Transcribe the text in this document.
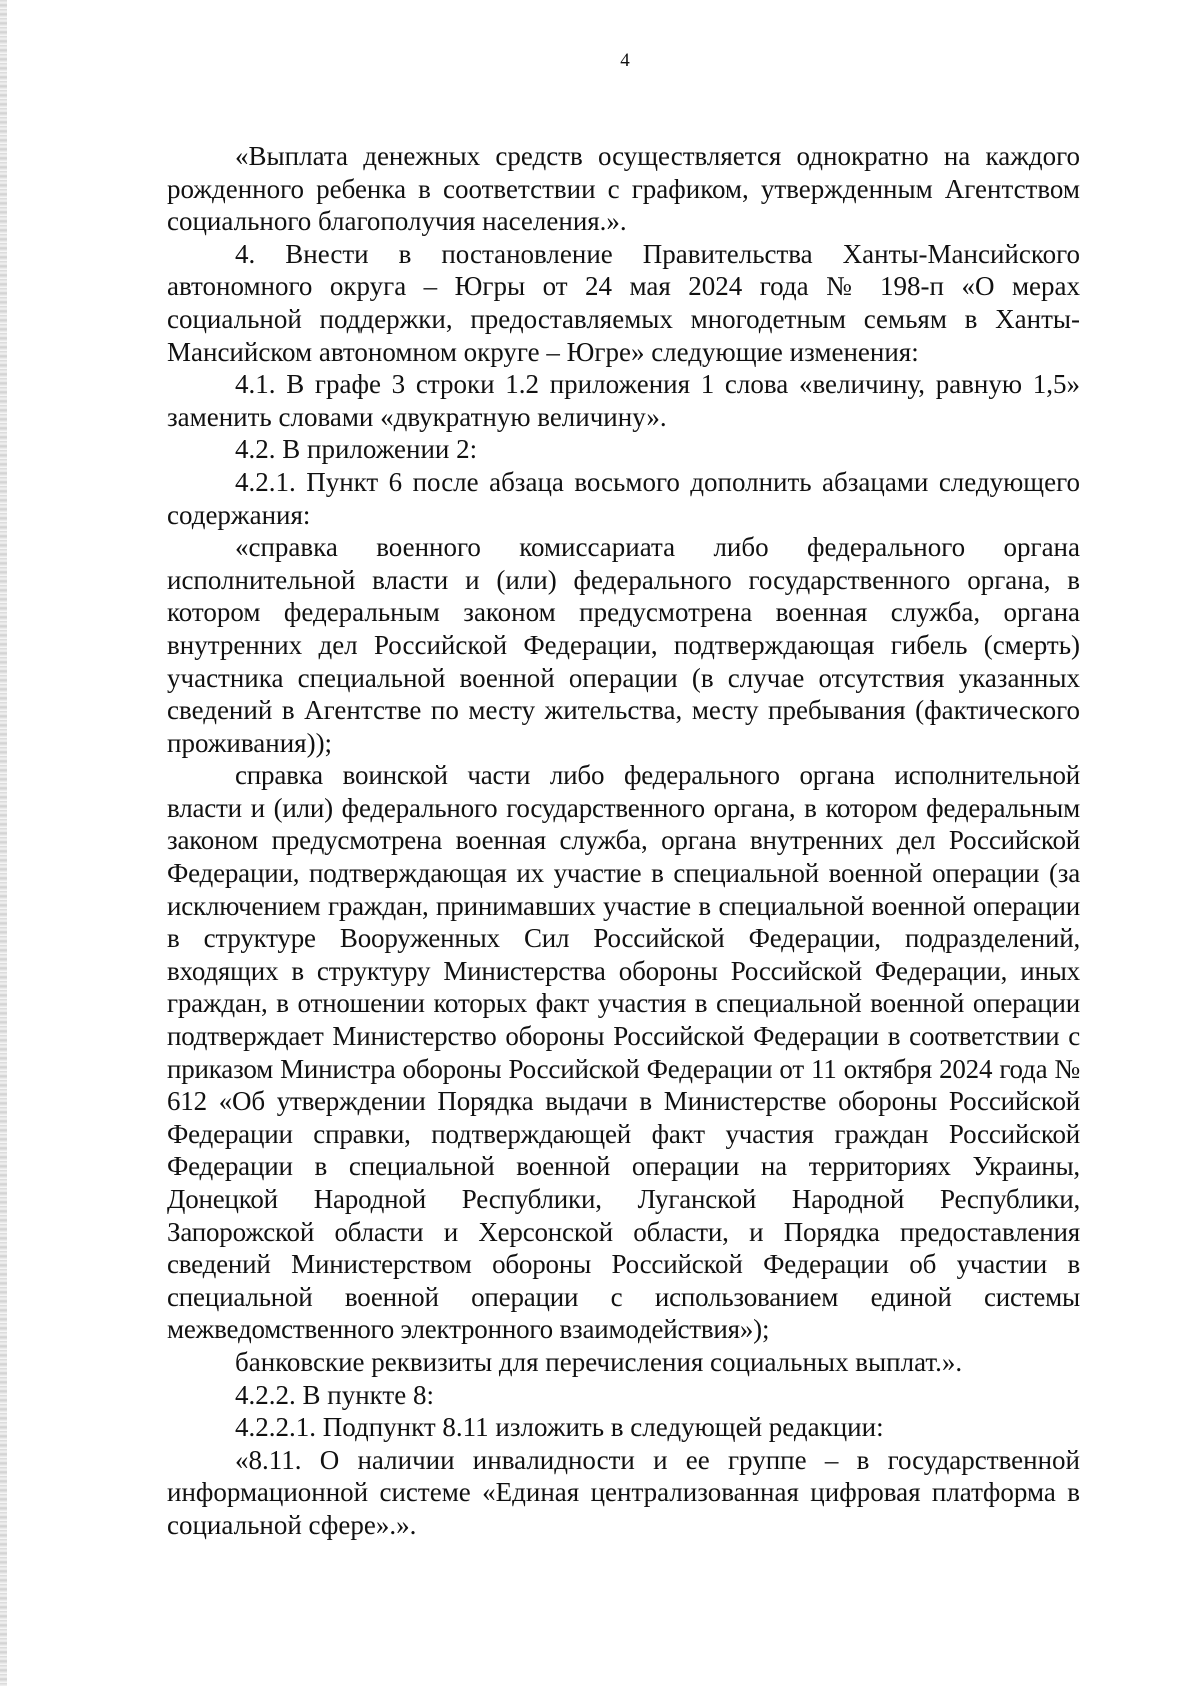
4

«Выплата денежных средств осуществляется однократно на каждого рожденного ребенка в соответствии с графиком, утвержденным Агентством социального благополучия населения.».

4. Внести в постановление Правительства Ханты-Мансийского автономного округа – Югры от 24 мая 2024 года № 198-п «О мерах социальной поддержки, предоставляемых многодетным семьям в Ханты-Мансийском автономном округе – Югре» следующие изменения:

4.1. В графе 3 строки 1.2 приложения 1 слова «величину, равную 1,5» заменить словами «двукратную величину».

4.2. В приложении 2:

4.2.1. Пункт 6 после абзаца восьмого дополнить абзацами следующего содержания:

«справка военного комиссариата либо федерального органа исполнительной власти и (или) федерального государственного органа, в котором федеральным законом предусмотрена военная служба, органа внутренних дел Российской Федерации, подтверждающая гибель (смерть) участника специальной военной операции (в случае отсутствия указанных сведений в Агентстве по месту жительства, месту пребывания (фактического проживания));

справка воинской части либо федерального органа исполнительной власти и (или) федерального государственного органа, в котором федеральным законом предусмотрена военная служба, органа внутренних дел Российской Федерации, подтверждающая их участие в специальной военной операции (за исключением граждан, принимавших участие в специальной военной операции в структуре Вооруженных Сил Российской Федерации, подразделений, входящих в структуру Министерства обороны Российской Федерации, иных граждан, в отношении которых факт участия в специальной военной операции подтверждает Министерство обороны Российской Федерации в соответствии с приказом Министра обороны Российской Федерации от 11 октября 2024 года № 612 «Об утверждении Порядка выдачи в Министерстве обороны Российской Федерации справки, подтверждающей факт участия граждан Российской Федерации в специальной военной операции на территориях Украины, Донецкой Народной Республики, Луганской Народной Республики, Запорожской области и Херсонской области, и Порядка предоставления сведений Министерством обороны Российской Федерации об участии в специальной военной операции с использованием единой системы межведомственного электронного взаимодействия»);

банковские реквизиты для перечисления социальных выплат.».

4.2.2. В пункте 8:

4.2.2.1. Подпункт 8.11 изложить в следующей редакции:

«8.11. О наличии инвалидности и ее группе – в государственной информационной системе «Единая централизованная цифровая платформа в социальной сфере».».
